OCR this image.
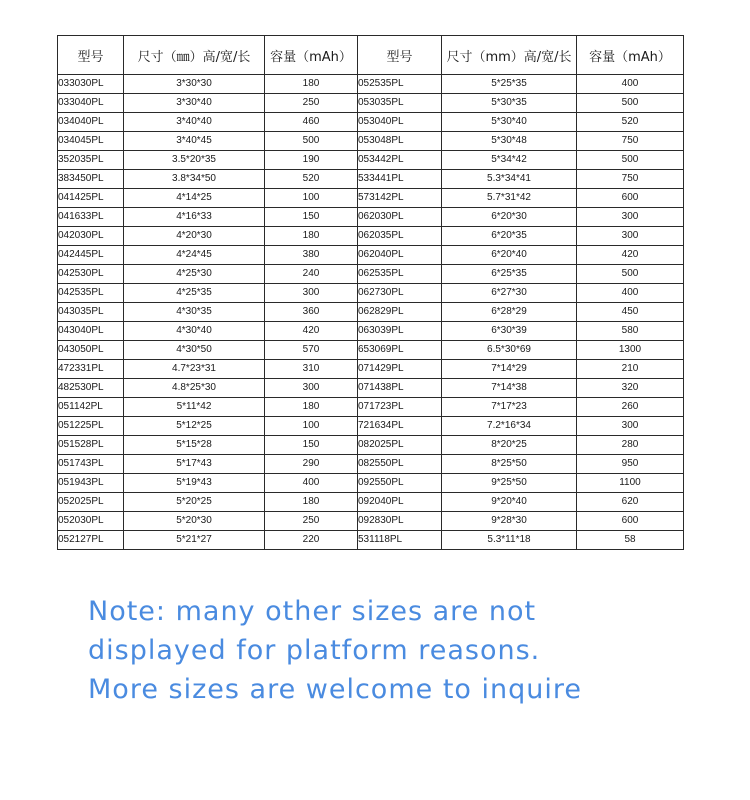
型号	尺寸（㎜）高/宽/长	容量（mAh）	型号	尺寸（mm）高/宽/长	容量（mAh）
033030PL	3*30*30	180	052535PL	5*25*35	400
033040PL	3*30*40	250	053035PL	5*30*35	500
034040PL	3*40*40	460	053040PL	5*30*40	520
034045PL	3*40*45	500	053048PL	5*30*48	750
352035PL	3.5*20*35	190	053442PL	5*34*42	500
383450PL	3.8*34*50	520	533441PL	5.3*34*41	750
041425PL	4*14*25	100	573142PL	5.7*31*42	600
041633PL	4*16*33	150	062030PL	6*20*30	300
042030PL	4*20*30	180	062035PL	6*20*35	300
042445PL	4*24*45	380	062040PL	6*20*40	420
042530PL	4*25*30	240	062535PL	6*25*35	500
042535PL	4*25*35	300	062730PL	6*27*30	400
043035PL	4*30*35	360	062829PL	6*28*29	450
043040PL	4*30*40	420	063039PL	6*30*39	580
043050PL	4*30*50	570	653069PL	6.5*30*69	1300
472331PL	4.7*23*31	310	071429PL	7*14*29	210
482530PL	4.8*25*30	300	071438PL	7*14*38	320
051142PL	5*11*42	180	071723PL	7*17*23	260
051225PL	5*12*25	100	721634PL	7.2*16*34	300
051528PL	5*15*28	150	082025PL	8*20*25	280
051743PL	5*17*43	290	082550PL	8*25*50	950
051943PL	5*19*43	400	092550PL	9*25*50	1100
052025PL	5*20*25	180	092040PL	9*20*40	620
052030PL	5*20*30	250	092830PL	9*28*30	600
052127PL	5*21*27	220	531118PL	5.3*11*18	58
Note: many other sizes are not
displayed for platform reasons.
More sizes are welcome to inquire
